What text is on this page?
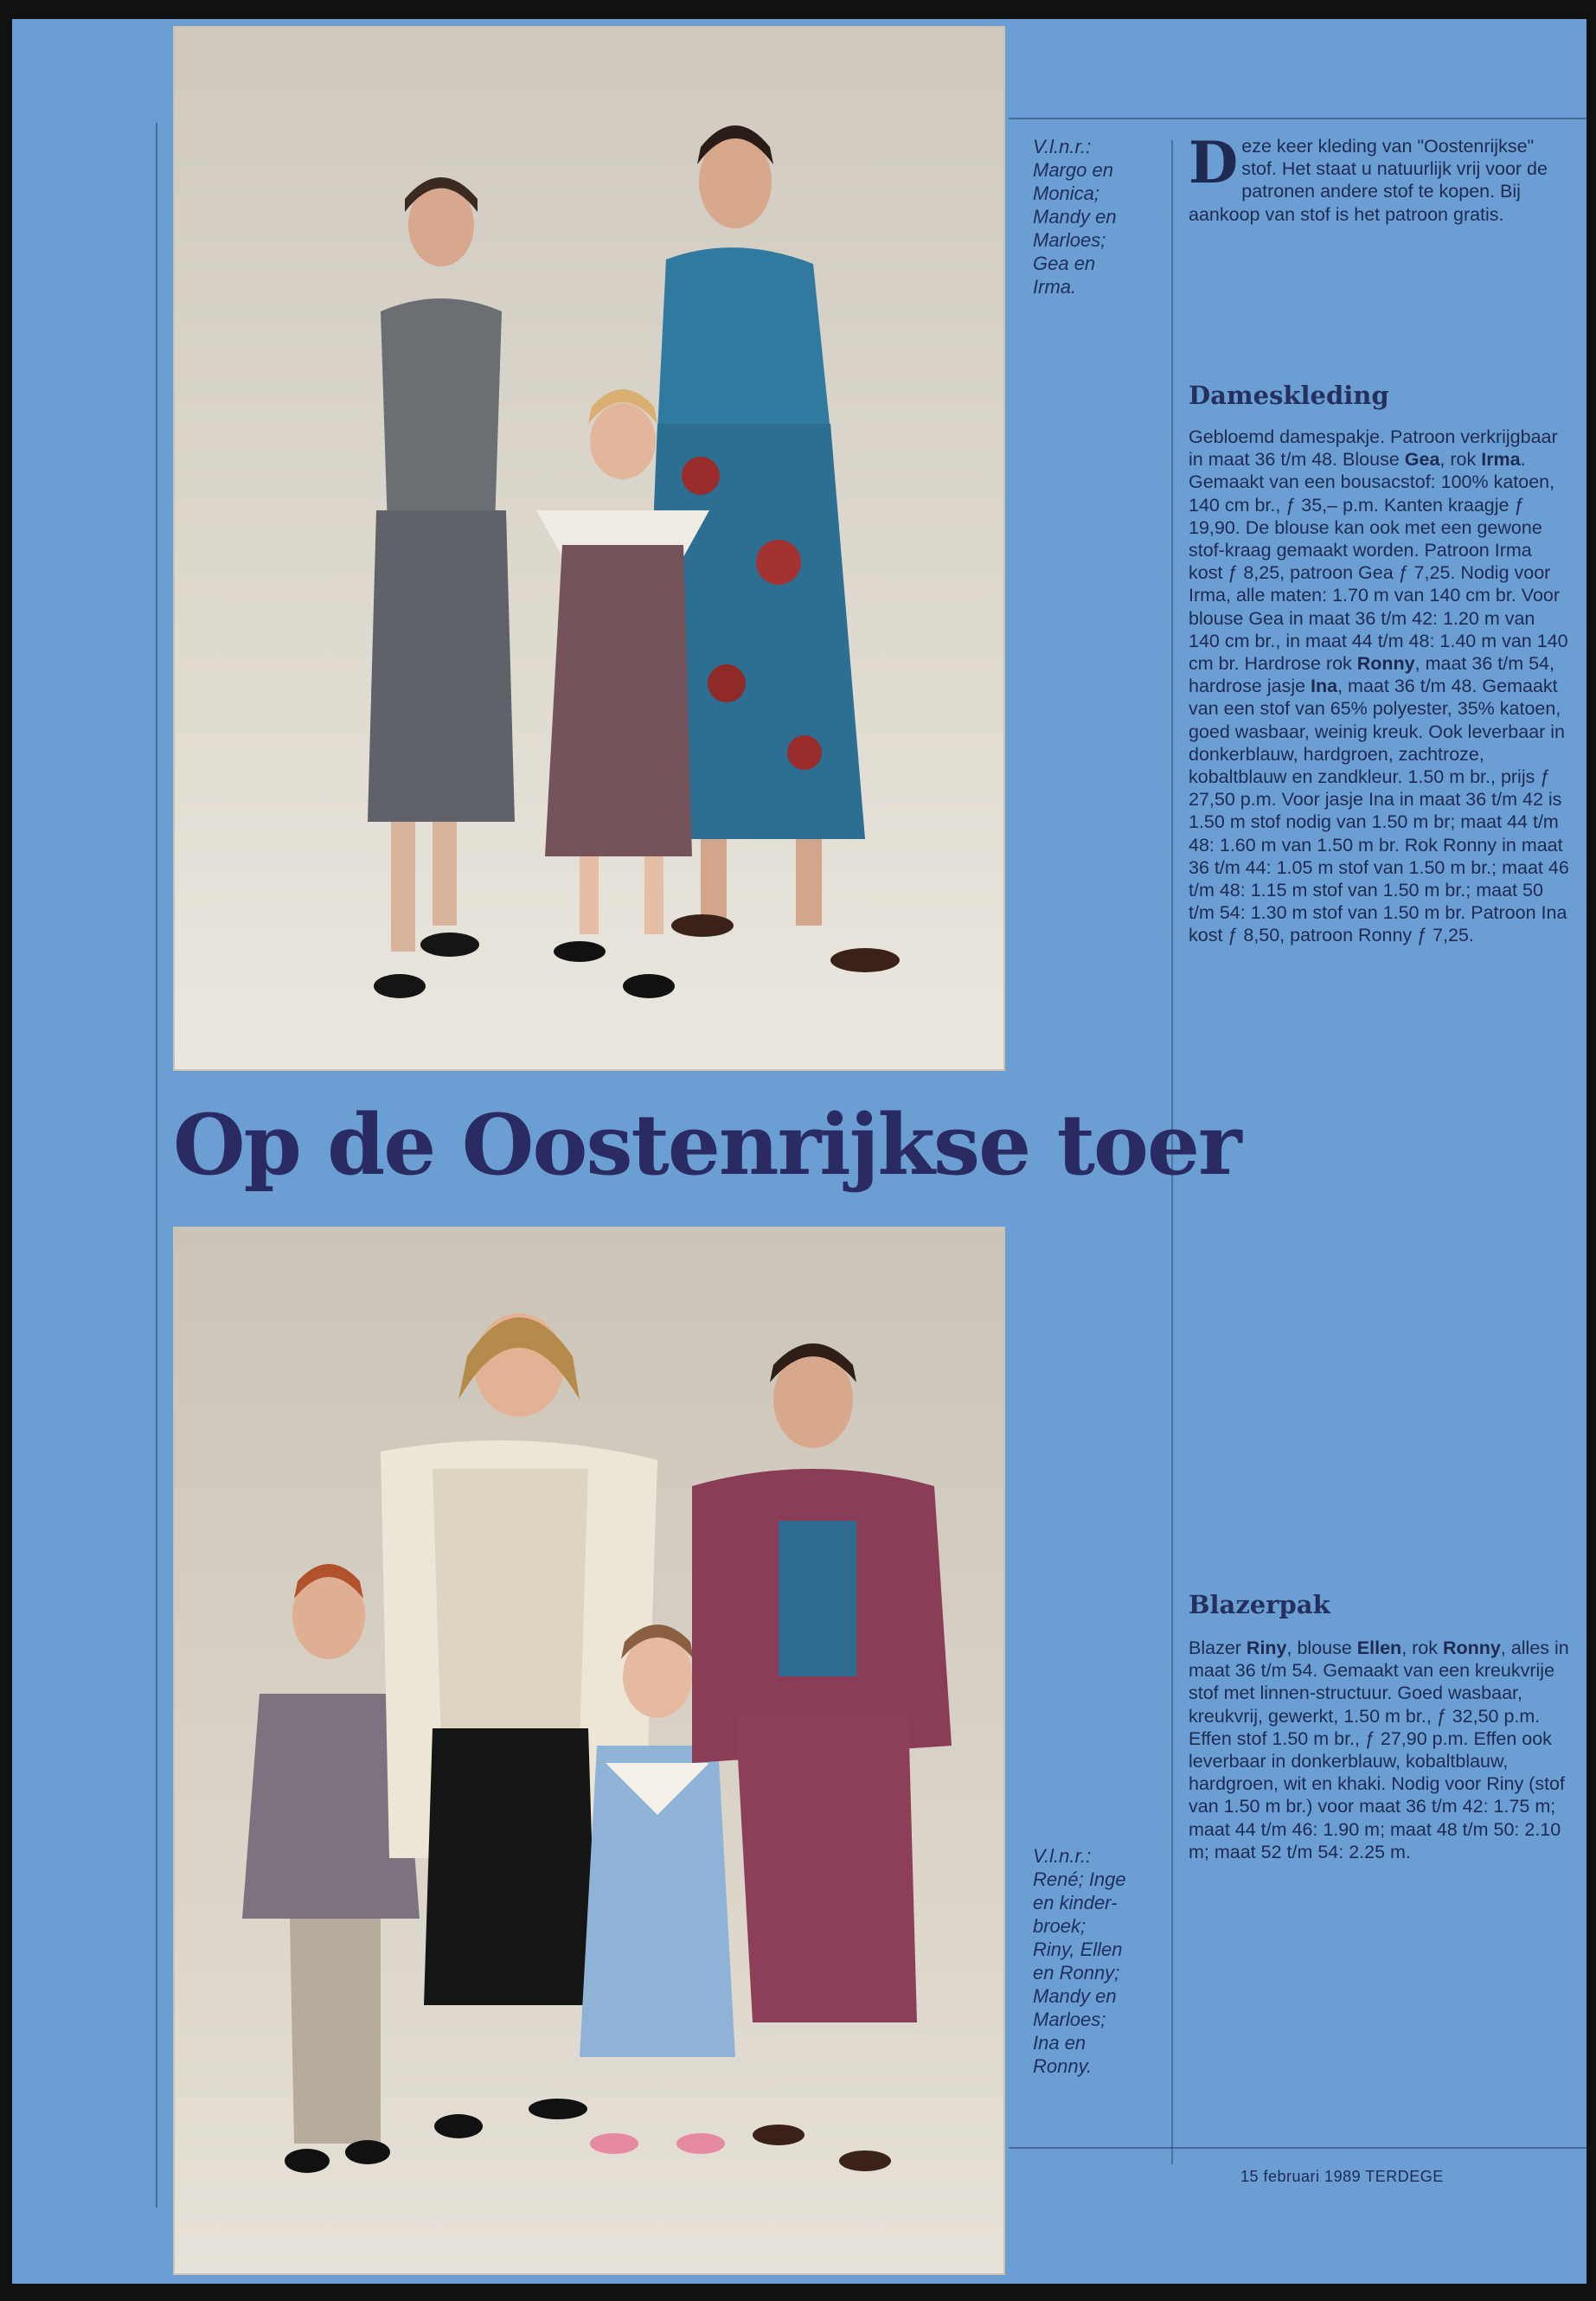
Op de Oostenrijkse toer
V.l.n.r.:
Margo en
Monica;
Mandy en
Marloes;
Gea en
Irma.
V.l.n.r.:
René; Inge
en kinder-
broek;
Riny, Ellen
en Ronny;
Mandy en
Marloes;
Ina en
Ronny.
Deze keer kleding van "Oostenrijkse" stof. Het staat u natuurlijk vrij voor de patronen andere stof te kopen. Bij aankoop van stof is het patroon gratis.
Dameskleding
Gebloemd damespakje. Patroon verkrijgbaar in maat 36 t/m 48. Blouse Gea, rok Irma. Gemaakt van een bousacstof: 100% katoen, 140 cm br., ƒ 35,– p.m. Kanten kraagje ƒ 19,90. De blouse kan ook met een gewone stof-kraag gemaakt worden. Patroon Irma kost ƒ 8,25, patroon Gea ƒ 7,25. Nodig voor Irma, alle maten: 1.70 m van 140 cm br. Voor blouse Gea in maat 36 t/m 42: 1.20 m van 140 cm br., in maat 44 t/m 48: 1.40 m van 140 cm br. Hardrose rok Ronny, maat 36 t/m 54, hardrose jasje Ina, maat 36 t/m 48. Gemaakt van een stof van 65% polyester, 35% katoen, goed wasbaar, weinig kreuk. Ook leverbaar in donkerblauw, hardgroen, zachtroze, kobaltblauw en zandkleur. 1.50 m br., prijs ƒ 27,50 p.m. Voor jasje Ina in maat 36 t/m 42 is 1.50 m stof nodig van 1.50 m br; maat 44 t/m 48: 1.60 m van 1.50 m br. Rok Ronny in maat 36 t/m 44: 1.05 m stof van 1.50 m br.; maat 46 t/m 48: 1.15 m stof van 1.50 m br.; maat 50 t/m 54: 1.30 m stof van 1.50 m br. Patroon Ina kost ƒ 8,50, patroon Ronny ƒ 7,25.
Blazerpak
Blazer Riny, blouse Ellen, rok Ronny, alles in maat 36 t/m 54. Gemaakt van een kreukvrije stof met linnen-structuur. Goed wasbaar, kreukvrij, gewerkt, 1.50 m br., ƒ 32,50 p.m. Effen stof 1.50 m br., ƒ 27,90 p.m. Effen ook leverbaar in donkerblauw, kobaltblauw, hardgroen, wit en khaki. Nodig voor Riny (stof van 1.50 m br.) voor maat 36 t/m 42: 1.75 m; maat 44 t/m 46: 1.90 m; maat 48 t/m 50: 2.10 m; maat 52 t/m 54: 2.25 m.
15 februari 1989 TERDEGE
